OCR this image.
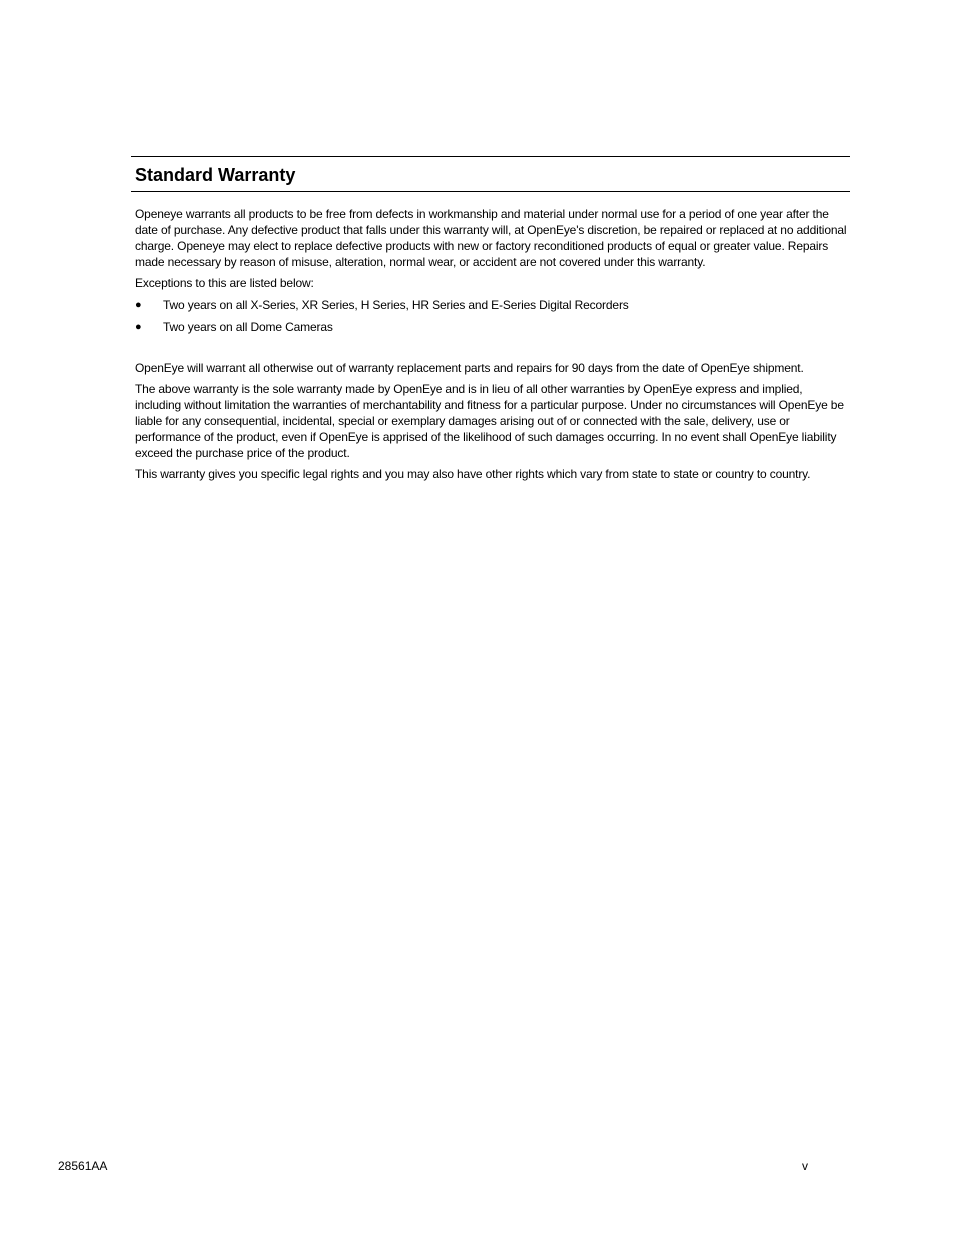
Standard Warranty

Openeye warrants all products to be free from defects in workmanship and material under normal use for a period of one year after the date of purchase. Any defective product that falls under this warranty will, at OpenEye's discretion, be repaired or replaced at no additional charge. Openeye may elect to replace defective products with new or factory reconditioned products of equal or greater value. Repairs made necessary by reason of misuse, alteration, normal wear, or accident are not covered under this warranty.

Exceptions to this are listed below:

● Two years on all X-Series, XR Series, H Series, HR Series and E-Series Digital Recorders
● Two years on all Dome Cameras

OpenEye will warrant all otherwise out of warranty replacement parts and repairs for 90 days from the date of OpenEye shipment.

The above warranty is the sole warranty made by OpenEye and is in lieu of all other warranties by OpenEye express and implied, including without limitation the warranties of merchantability and fitness for a particular purpose. Under no circumstances will OpenEye be liable for any consequential, incidental, special or exemplary damages arising out of or connected with the sale, delivery, use or performance of the product, even if OpenEye is apprised of the likelihood of such damages occurring. In no event shall OpenEye liability exceed the purchase price of the product.

This warranty gives you specific legal rights and you may also have other rights which vary from state to state or country to country.

28561AA	v
